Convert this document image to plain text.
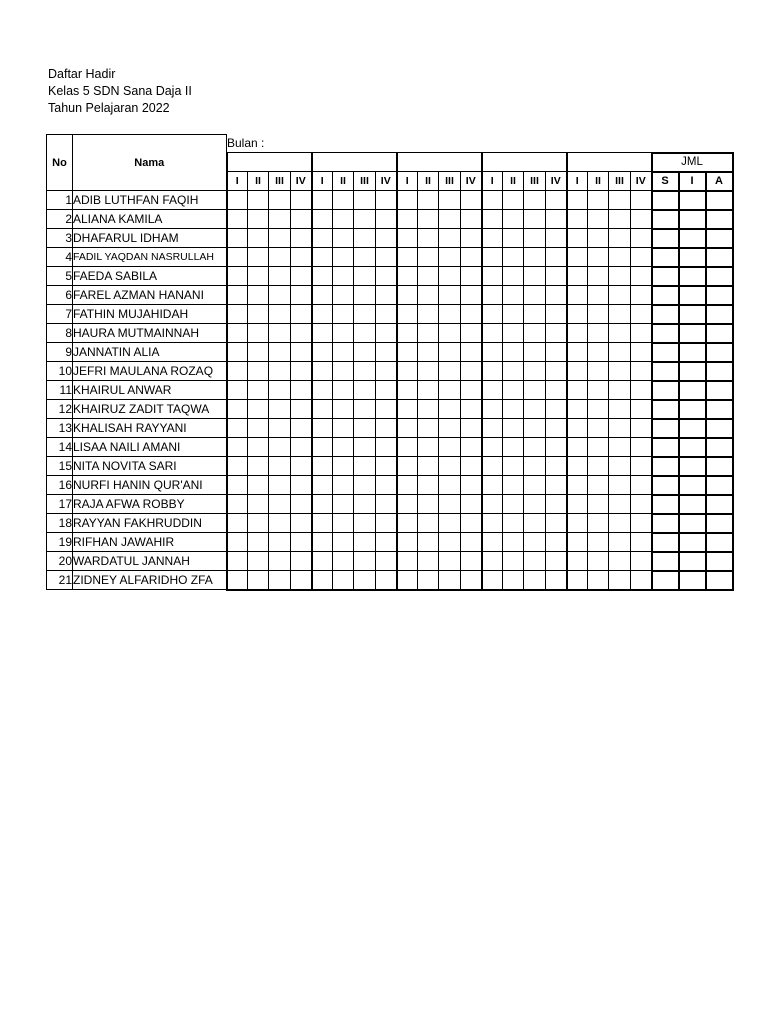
Daftar Hadir
Kelas 5 SDN Sana Daja II
Tahun Pelajaran 2022
No	Nama	Bulan :																						
																						JML		
		I	II	III	IV	I	II	III	IV	I	II	III	IV	I	II	III	IV	I	II	III	IV	S	I	A
1	ADIB LUTHFAN FAQIH																							
2	ALIANA KAMILA																							
3	DHAFARUL IDHAM																							
4	FADIL YAQDAN NASRULLAH																							
5	FAEDA SABILA																							
6	FAREL AZMAN HANANI																							
7	FATHIN MUJAHIDAH																							
8	HAURA MUTMAINNAH																							
9	JANNATIN ALIA																							
10	JEFRI MAULANA ROZAQ																							
11	KHAIRUL ANWAR																							
12	KHAIRUZ ZADIT TAQWA																							
13	KHALISAH RAYYANI																							
14	LISAA NAILI AMANI																							
15	NITA NOVITA SARI																							
16	NURFI HANIN QUR'ANI																							
17	RAJA AFWA ROBBY																							
18	RAYYAN FAKHRUDDIN																							
19	RIFHAN JAWAHIR																							
20	WARDATUL JANNAH																							
21	ZIDNEY ALFARIDHO ZFA																							
